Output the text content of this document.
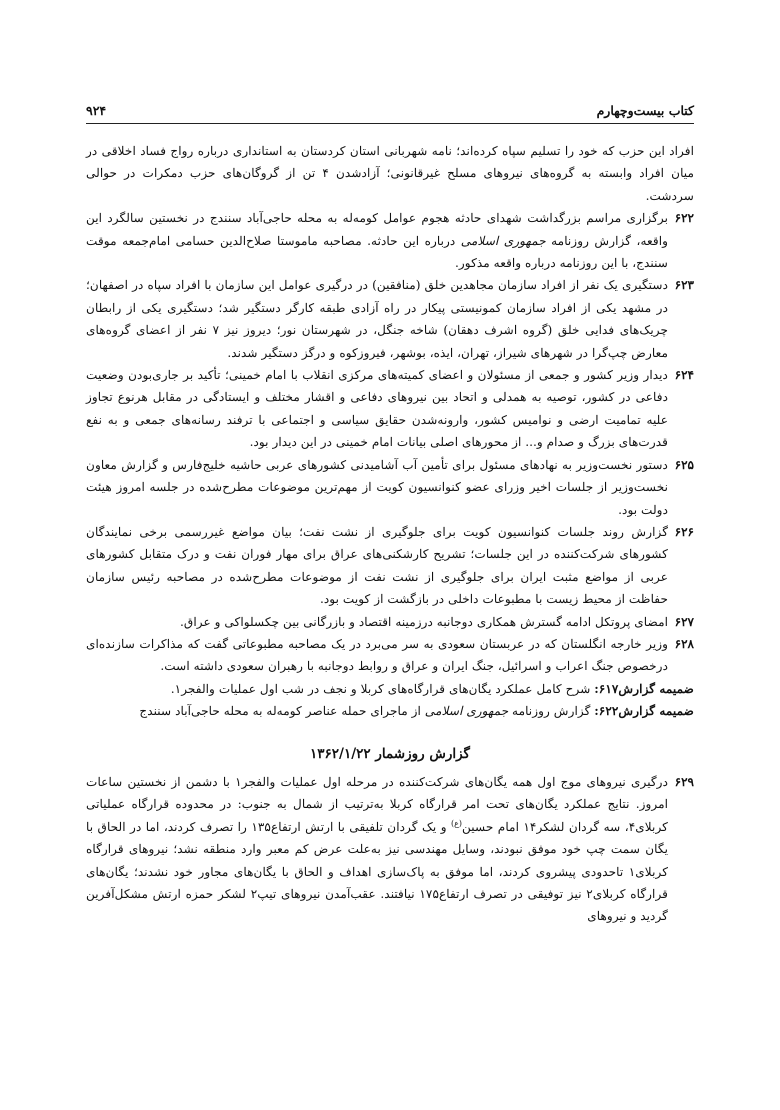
کتاب بیست‌وچهارم
۹۲۴

افراد این حزب که خود را تسلیم سپاه کرده‌اند؛ نامه شهربانی استان کردستان به استانداری درباره رواج فساد اخلاقی در میان افراد وابسته به گروه‌های نیروهای مسلح غیرقانونی؛ آزادشدن ۴ تن از گروگان‌های حزب دمکرات در حوالی سردشت.

۶۲۲
برگزاری مراسم بزرگداشت شهدای حادثه هجوم عوامل کومه‌له به محله حاجی‌آباد سنندج در نخستین سالگرد این واقعه، گزارش روزنامه جمهوری اسلامی درباره این حادثه. مصاحبه ماموستا صلاح‌الدین حسامی امام‌جمعه موقت سنندج، با این روزنامه درباره واقعه مذکور.
۶۲۳
دستگیری یک نفر از افراد سازمان مجاهدین خلق (منافقین) در درگیری عوامل این سازمان با افراد سپاه در اصفهان؛ در مشهد یکی از افراد سازمان کمونیستی پیکار در راه آزادی طبقه کارگر دستگیر شد؛ دستگیری یکی از رابطان چریک‌های فدایی خلق (گروه اشرف دهقان) شاخه جنگل، در شهرستان نور؛ دیروز نیز ۷ نفر از اعضای گروه‌های معارض چپ‌گرا در شهرهای شیراز، تهران، ایذه، بوشهر، فیروزکوه و درگز دستگیر شدند.
۶۲۴
دیدار وزیر کشور و جمعی از مسئولان و اعضای کمیته‌های مرکزی انقلاب با امام خمینی؛ تأکید بر جاری‌بودن وضعیت دفاعی در کشور، توصیه به همدلی و اتحاد بین نیروهای دفاعی و اقشار مختلف و ایستادگی در مقابل هرنوع تجاوز علیه تمامیت ارضی و نوامیس کشور، وارونه‌شدن حقایق سیاسی و اجتماعی با ترفند رسانه‌های جمعی و به نفع قدرت‌های بزرگ و صدام و... از محورهای اصلی بیانات امام خمینی در این دیدار بود.
۶۲۵
دستور نخست‌وزیر به نهادهای مسئول برای تأمین آب آشامیدنی کشورهای عربی حاشیه خلیج‌فارس و گزارش معاون نخست‌وزیر از جلسات اخیر وزرای عضو کنوانسیون کویت از مهم‌ترین موضوعات مطرح‌شده در جلسه امروز هیئت دولت بود.
۶۲۶
گزارش روند جلسات کنوانسیون کویت برای جلوگیری از نشت نفت؛ بیان مواضع غیررسمی برخی نمایندگان کشورهای شرکت‌کننده در این جلسات؛ تشریح کارشکنی‌های عراق برای مهار فوران نفت و درک متقابل کشورهای عربی از مواضع مثبت ایران برای جلوگیری از نشت نفت از موضوعات مطرح‌شده در مصاحبه رئیس سازمان حفاظت از محیط زیست با مطبوعات داخلی در بازگشت از کویت بود.
۶۲۷
امضای پروتکل ادامه گسترش همکاری دوجانبه درزمینه اقتصاد و بازرگانی بین چکسلواکی و عراق.
۶۲۸
وزیر خارجه انگلستان که در عربستان سعودی به سر می‌برد در یک مصاحبه مطبوعاتی گفت که مذاکرات سازنده‌ای درخصوص جنگ اعراب و اسرائیل، جنگ ایران و عراق و روابط دوجانبه با رهبران سعودی داشته است.

ضمیمه گزارش۶۱۷: شرح کامل عملکرد یگان‌های قرارگاه‌های کربلا و نجف در شب اول عملیات والفجر۱.

ضمیمه گزارش۶۲۲: گزارش روزنامه جمهوری اسلامی از ماجرای حمله عناصر کومه‌له به محله حاجی‌آباد سنندج

گزارش روزشمار ۱۳۶۲/۱/۲۲
۶۲۹
درگیری نیروهای موج اول همه یگان‌های شرکت‌کننده در مرحله اول عملیات والفجر۱ با دشمن از نخستین ساعات امروز. نتایج عملکرد یگان‌های تحت امر قرارگاه کربلا به‌ترتیب از شمال به جنوب: در محدوده قرارگاه عملیاتی کربلای۴، سه گردان لشکر۱۴ امام حسین$^{(ع)}$ و یک گردان تلفیقی با ارتش ارتفاع۱۳۵ را تصرف کردند، اما در الحاق با یگان سمت چپ خود موفق نبودند، وسایل مهندسی نیز به‌علت عرض کم معبر وارد منطقه نشد؛ نیروهای قرارگاه کربلای۱ تاحدودی پیشروی کردند، اما موفق به پاک‌سازی اهداف و الحاق با یگان‌های مجاور خود نشدند؛ یگان‌های قرارگاه کربلای۲ نیز توفیقی در تصرف ارتفاع۱۷۵ نیافتند. عقب‌آمدن نیروهای تیپ۲ لشکر حمزه ارتش مشکل‌آفرین گردید و نیروهای
